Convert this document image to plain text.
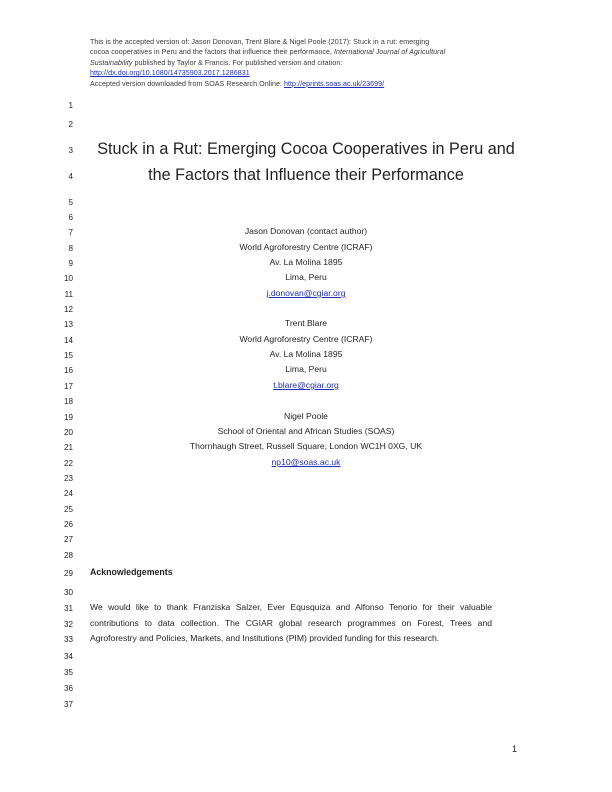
This is the accepted version of: Jason Donovan, Trent Blare & Nigel Poole (2017): Stuck in a rut: emerging
cocoa cooperatives in Peru and the factors that influence their performance, International Journal of Agricultural
Sustainability published by Taylor & Francis. For published version and citation:
http://dx.doi.org/10.1080/14735903.2017.1286831
Accepted version downloaded from SOAS Research Online: http://eprints.soas.ac.uk/23699/
1
2
3
4
5
6
7
8
9
10
11
12
13
14
15
16
17
18
19
20
21
22
23
24
25
26
27
28
29
30
31
32
33
34
35
36
37
Stuck in a Rut: Emerging Cocoa Cooperatives in Peru and
the Factors that Influence their Performance
Jason Donovan (contact author)
World Agroforestry Centre (ICRAF)
Av. La Molina 1895
Lima, Peru
j.donovan@cgiar.org
Trent Blare
World Agroforestry Centre (ICRAF)
Av. La Molina 1895
Lima, Peru
t.blare@cgiar.org
Nigel Poole
School of Oriental and African Studies (SOAS)
Thornhaugh Street, Russell Square, London WC1H 0XG, UK
np10@soas.ac.uk
Acknowledgements
We would like to thank Franziska Salzer, Ever Equsquiza and Alfonso Tenorio for their valuable
contributions to data collection. The CGIAR global research programmes on Forest, Trees and
Agroforestry and Policies, Markets, and Institutions (PIM) provided funding for this research.
1
